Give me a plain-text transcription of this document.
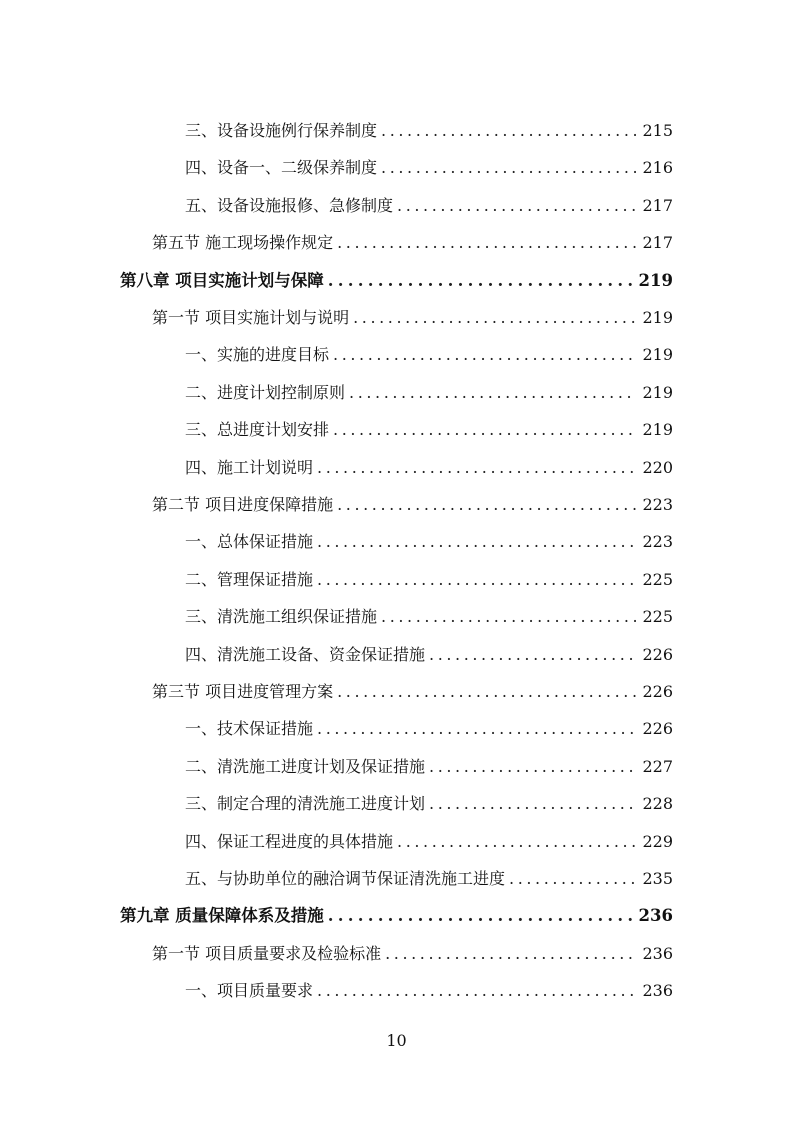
三、设备设施例行保养制度 . . .	215
四、设备一、二级保养制度 . . .	216
五、设备设施报修、急修制度 . . .	217
第五节 施工现场操作规定 . . .	217
第八章 项目实施计划与保障 . . .	219
第一节 项目实施计划与说明 . . .	219
一、实施的进度目标 . . .	219
二、进度计划控制原则 . . .	219
三、总进度计划安排 . . .	219
四、施工计划说明 . . .	220
第二节 项目进度保障措施 . . .	223
一、总体保证措施 . . .	223
二、管理保证措施 . . .	225
三、清洗施工组织保证措施 . . .	225
四、清洗施工设备、资金保证措施 . . .	226
第三节 项目进度管理方案 . . .	226
一、技术保证措施 . . .	226
二、清洗施工进度计划及保证措施 . . .	227
三、制定合理的清洗施工进度计划 . . .	228
四、保证工程进度的具体措施 . . .	229
五、与协助单位的融洽调节保证清洗施工进度 . . .	235
第九章 质量保障体系及措施 . . .	236
第一节 项目质量要求及检验标准 . . .	236
一、项目质量要求 . . .	236
10
